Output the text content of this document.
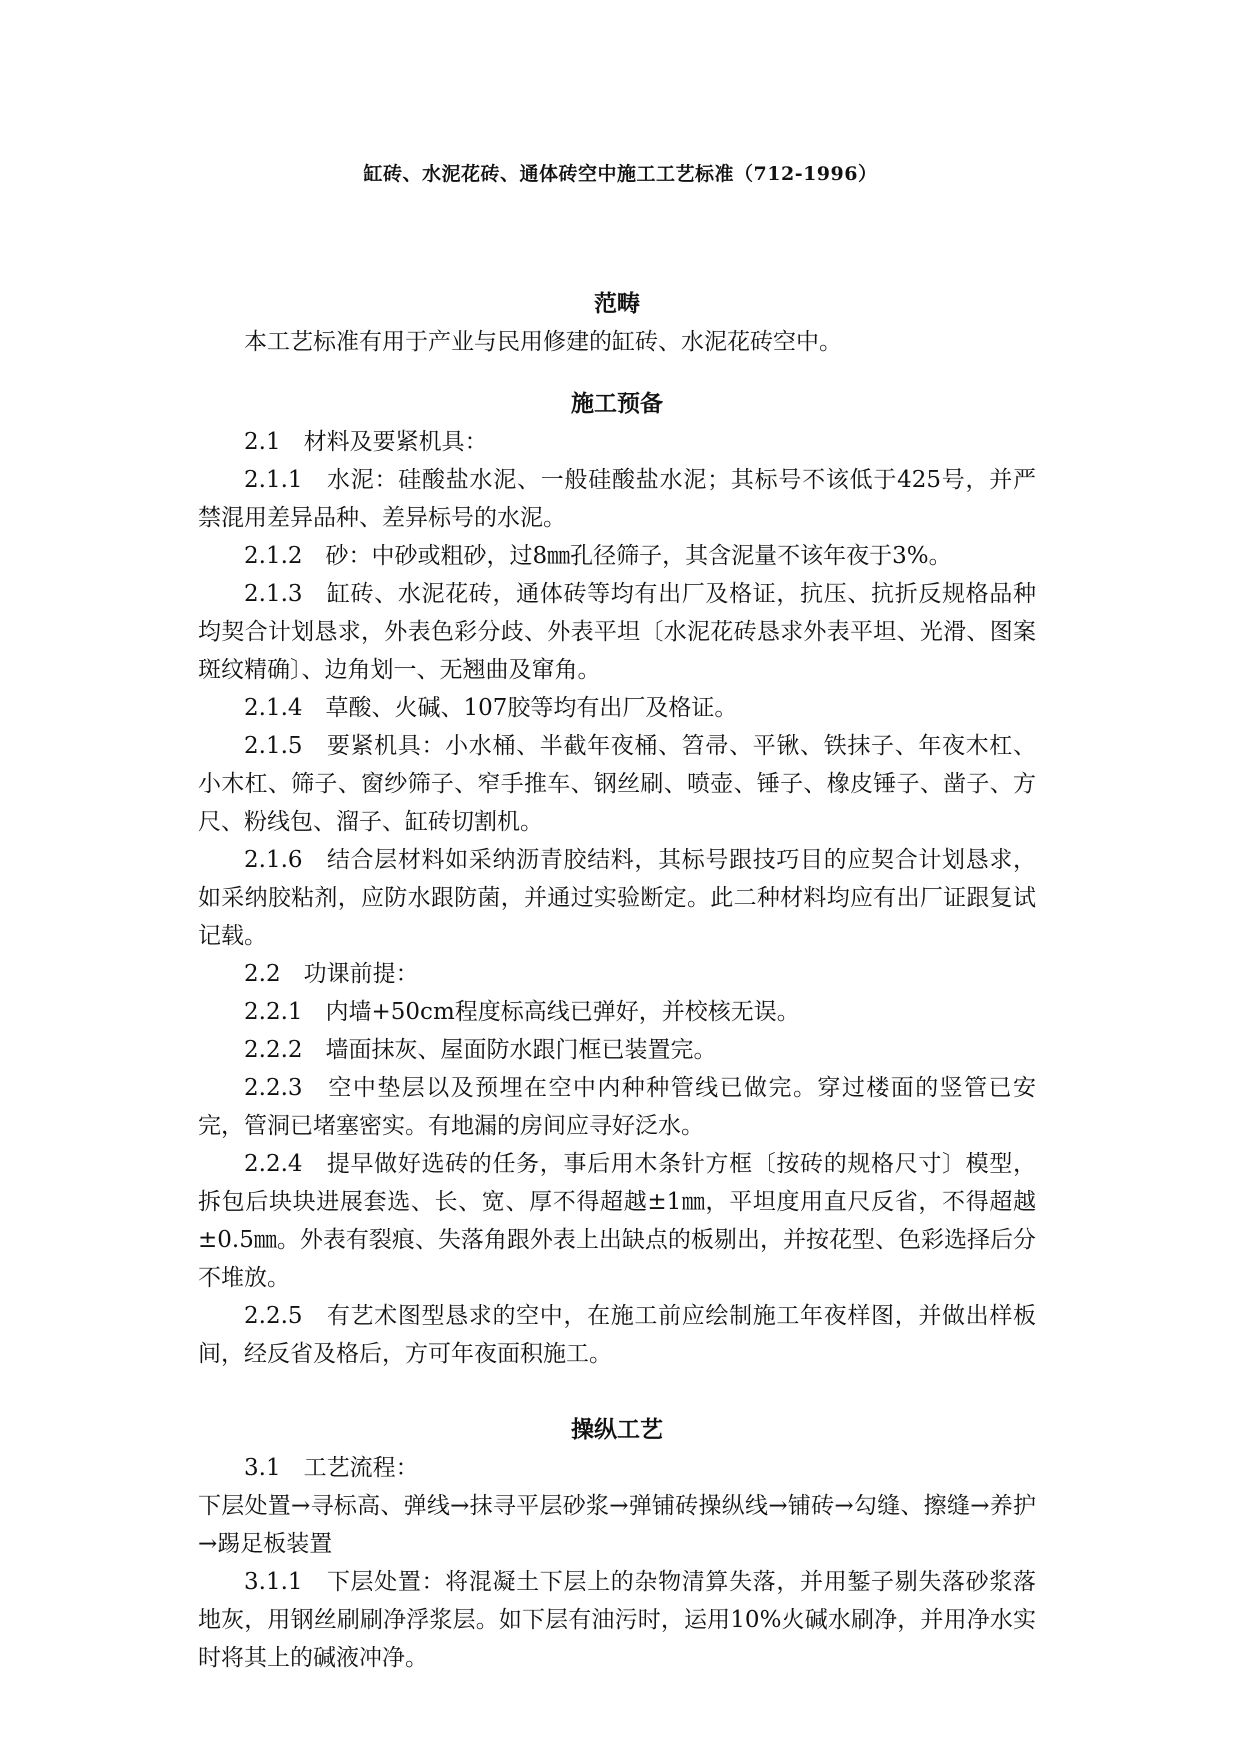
缸砖、水泥花砖、通体砖空中施工工艺标准（712-1996）
范畴

本工艺标准有用于产业与民用修建的缸砖、水泥花砖空中。

施工预备

2.1　材料及要紧机具：

2.1.1　水泥：硅酸盐水泥、一般硅酸盐水泥；其标号不该低于425号，并严禁混用差异品种、差异标号的水泥。

2.1.2　砂：中砂或粗砂，过8㎜孔径筛子，其含泥量不该年夜于3%。

2.1.3　缸砖、水泥花砖，通体砖等均有出厂及格证，抗压、抗折反规格品种均契合计划恳求，外表色彩分歧、外表平坦〔水泥花砖恳求外表平坦、光滑、图案斑纹精确〕、边角划一、无翘曲及窜角。

2.1.4　草酸、火碱、107胶等均有出厂及格证。

2.1.5　要紧机具：小水桶、半截年夜桶、笤帚、平锹、铁抹子、年夜木杠、小木杠、筛子、窗纱筛子、窄手推车、钢丝刷、喷壶、锤子、橡皮锤子、凿子、方尺、粉线包、溜子、缸砖切割机。

2.1.6　结合层材料如采纳沥青胶结料，其标号跟技巧目的应契合计划恳求，如采纳胶粘剂，应防水跟防菌，并通过实验断定。此二种材料均应有出厂证跟复试记载。

2.2　功课前提：

2.2.1　内墙+50cm程度标高线已弹好，并校核无误。

2.2.2　墙面抹灰、屋面防水跟门框已装置完。

2.2.3　空中垫层以及预埋在空中内种种管线已做完。穿过楼面的竖管已安完，管洞已堵塞密实。有地漏的房间应寻好泛水。

2.2.4　提早做好选砖的任务，事后用木条针方框〔按砖的规格尺寸〕模型，拆包后块块进展套选、长、宽、厚不得超越±1㎜，平坦度用直尺反省，不得超越±0.5㎜。外表有裂痕、失落角跟外表上出缺点的板剔出，并按花型、色彩选择后分不堆放。

2.2.5　有艺术图型恳求的空中，在施工前应绘制施工年夜样图，并做出样板间，经反省及格后，方可年夜面积施工。

操纵工艺

3.1　工艺流程：

下层处置→寻标高、弹线→抹寻平层砂浆→弹铺砖操纵线→铺砖→勾缝、擦缝→养护→踢足板装置

3.1.1　下层处置：将混凝土下层上的杂物清算失落，并用錾子剔失落砂浆落地灰，用钢丝刷刷净浮浆层。如下层有油污时，运用10%火碱水刷净，并用净水实时将其上的碱液冲净。
